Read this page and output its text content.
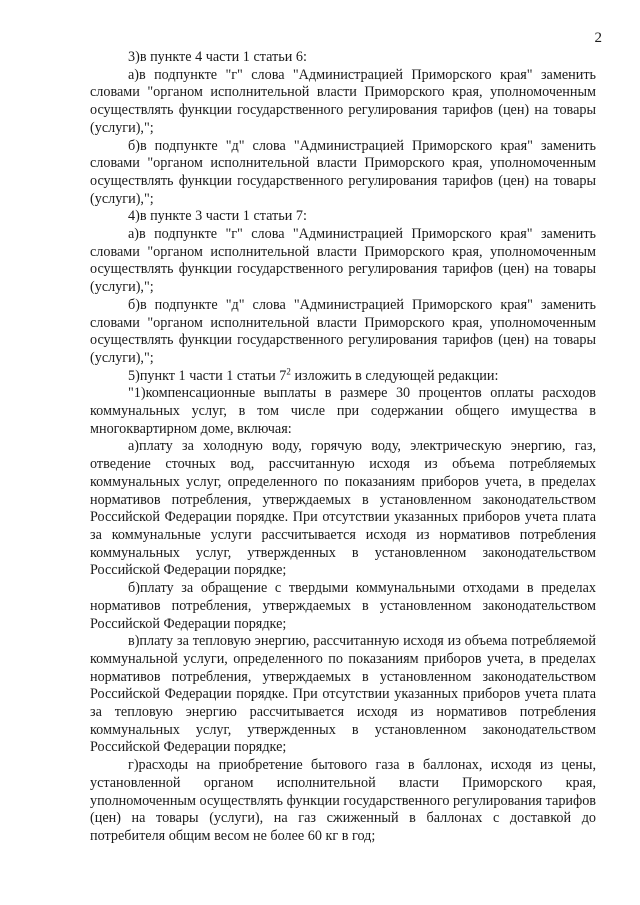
2

3)в пункте 4 части 1 статьи 6:

а)в подпункте "г" слова "Администрацией Приморского края" заменить словами "органом исполнительной власти Приморского края, уполномоченным осуществлять функции государственного регулирования тарифов (цен) на товары (услуги),";

б)в подпункте "д" слова "Администрацией Приморского края" заменить словами "органом исполнительной власти Приморского края, уполномоченным осуществлять функции государственного регулирования тарифов (цен) на товары (услуги),";

4)в пункте 3 части 1 статьи 7:

а)в подпункте "г" слова "Администрацией Приморского края" заменить словами "органом исполнительной власти Приморского края, уполномоченным осуществлять функции государственного регулирования тарифов (цен) на товары (услуги),";

б)в подпункте "д" слова "Администрацией Приморского края" заменить словами "органом исполнительной власти Приморского края, уполномоченным осуществлять функции государственного регулирования тарифов (цен) на товары (услуги),";

5)пункт 1 части 1 статьи $7^2$ изложить в следующей редакции:

"1)компенсационные выплаты в размере 30 процентов оплаты расходов коммунальных услуг, в том числе при содержании общего имущества в многоквартирном доме, включая:

а)плату за холодную воду, горячую воду, электрическую энергию, газ, отведение сточных вод, рассчитанную исходя из объема потребляемых коммунальных услуг, определенного по показаниям приборов учета, в пределах нормативов потребления, утверждаемых в установленном законодательством Российской Федерации порядке. При отсутствии указанных приборов учета плата за коммунальные услуги рассчитывается исходя из нормативов потребления коммунальных услуг, утвержденных в установленном законодательством Российской Федерации порядке;

б)плату за обращение с твердыми коммунальными отходами в пределах нормативов потребления, утверждаемых в установленном законодательством Российской Федерации порядке;

в)плату за тепловую энергию, рассчитанную исходя из объема потребляемой коммунальной услуги, определенного по показаниям приборов учета, в пределах нормативов потребления, утверждаемых в установленном законодательством Российской Федерации порядке. При отсутствии указанных приборов учета плата за тепловую энергию рассчитывается исходя из нормативов потребления коммунальных услуг, утвержденных в установленном законодательством Российской Федерации порядке;

г)расходы на приобретение бытового газа в баллонах, исходя из цены, установленной органом исполнительной власти Приморского края, уполномоченным осуществлять функции государственного регулирования тарифов (цен) на товары (услуги), на газ сжиженный в баллонах с доставкой до потребителя общим весом не более 60 кг в год;
